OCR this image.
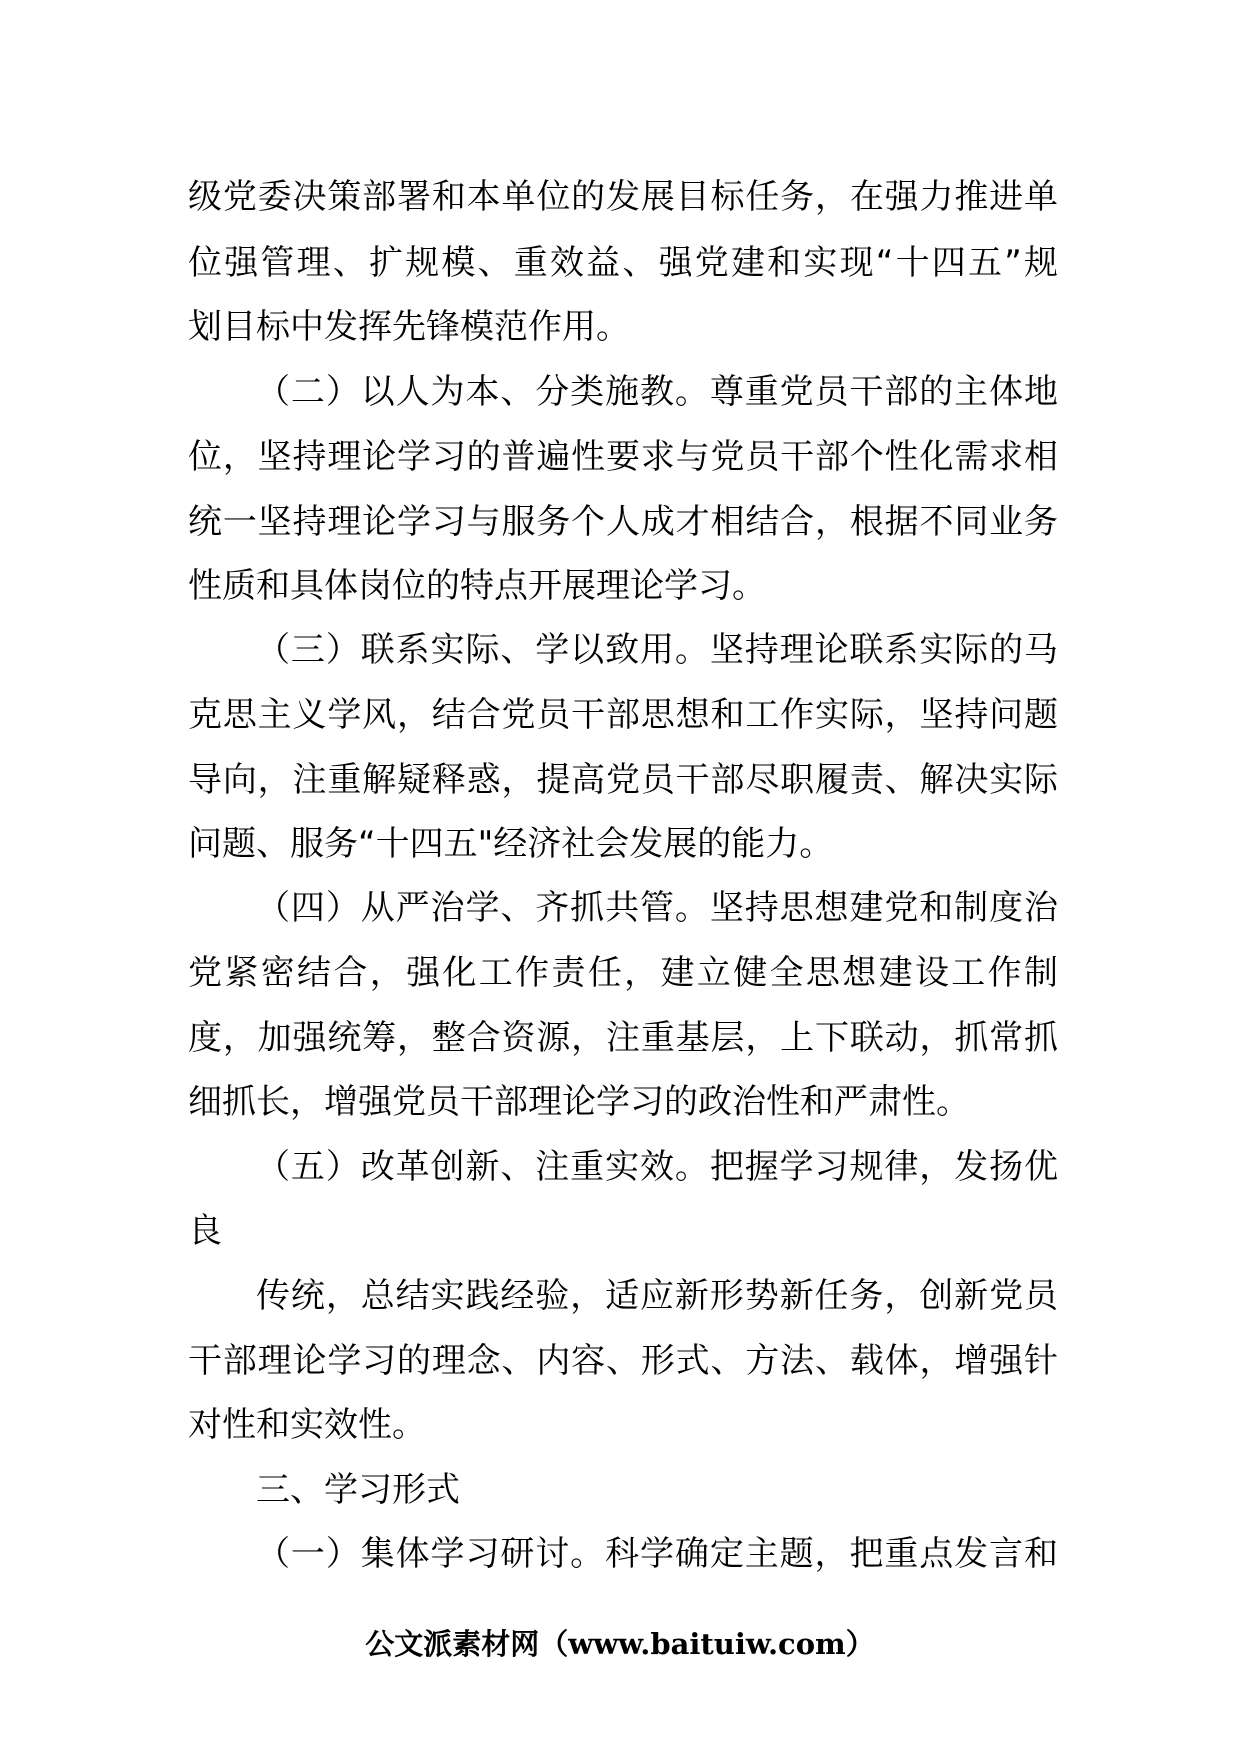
级党委决策部署和本单位的发展目标任务，在强力推进单
位强管理、扩规模、重效益、强党建和实现“十四五”规
划目标中发挥先锋模范作用。
（二）以人为本、分类施教。尊重党员干部的主体地
位，坚持理论学习的普遍性要求与党员干部个性化需求相
统一坚持理论学习与服务个人成才相结合，根据不同业务
性质和具体岗位的特点开展理论学习。
（三）联系实际、学以致用。坚持理论联系实际的马
克思主义学风，结合党员干部思想和工作实际，坚持问题
导向，注重解疑释惑，提高党员干部尽职履责、解决实际
问题、服务“十四五"经济社会发展的能力。
（四）从严治学、齐抓共管。坚持思想建党和制度治
党紧密结合，强化工作责任，建立健全思想建设工作制
度，加强统筹，整合资源，注重基层，上下联动，抓常抓
细抓长，增强党员干部理论学习的政治性和严肃性。
（五）改革创新、注重实效。把握学习规律，发扬优
良
传统，总结实践经验，适应新形势新任务，创新党员
干部理论学习的理念、内容、形式、方法、载体，增强针
对性和实效性。
三、学习形式
（一）集体学习研讨。科学确定主题，把重点发言和
公文派素材网（www.baituiw.com）
